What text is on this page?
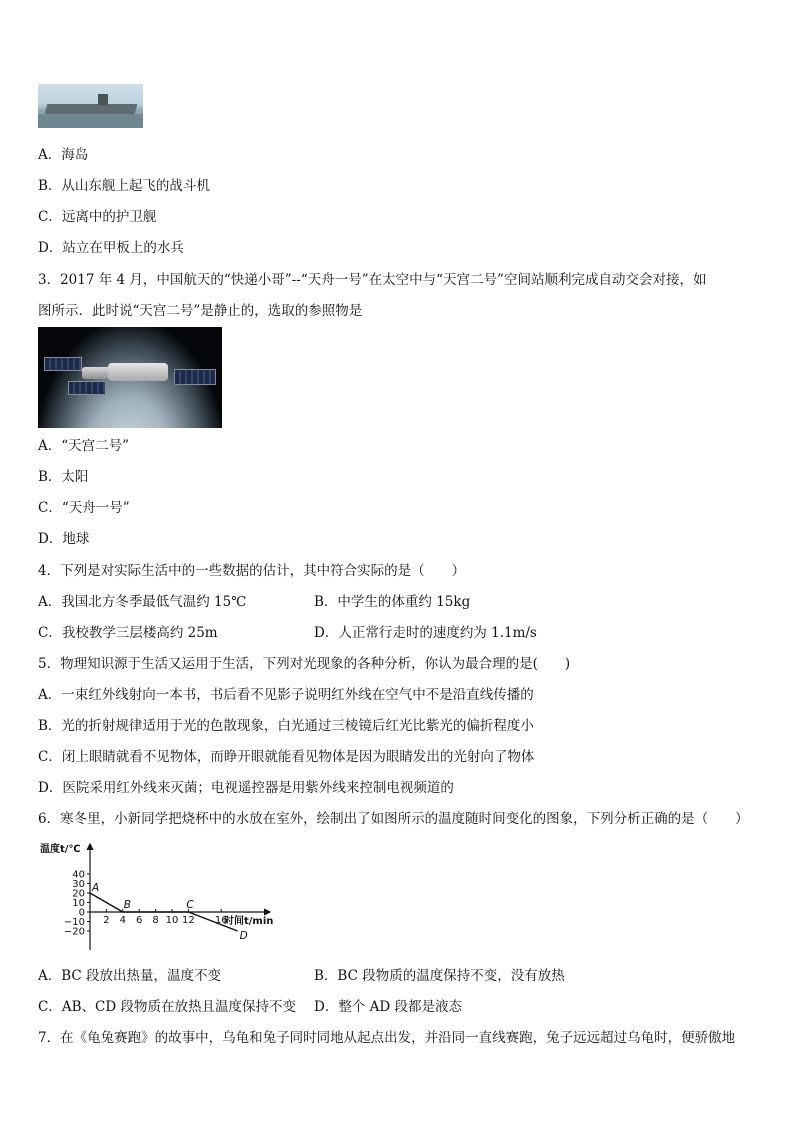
A．海岛
B．从山东舰上起飞的战斗机
C．远离中的护卫舰
D．站立在甲板上的水兵
3．2017 年 4 月，中国航天的“快递小哥”--“天舟一号”在太空中与“天宫二号”空间站顺利完成自动交会对接，如
图所示．此时说“天宫二号”是静止的，选取的参照物是
A．“天宫二号”
B．太阳
C．“天舟一号”
D．地球
4．下列是对实际生活中的一些数据的估计，其中符合实际的是（　　）
A．我国北方冬季最低气温约 15℃	B．中学生的体重约 15kg
C．我校教学三层楼高约 25m	D．人正常行走时的速度约为 1.1m/s
5．物理知识源于生活又运用于生活，下列对光现象的各种分析，你认为最合理的是(　　)
A．一束红外线射向一本书，书后看不见影子说明红外线在空气中不是沿直线传播的
B．光的折射规律适用于光的色散现象，白光通过三棱镜后红光比紫光的偏折程度小
C．闭上眼睛就看不见物体，而睁开眼就能看见物体是因为眼睛发出的光射向了物体
D．医院采用红外线来灭菌；电视遥控器是用紫外线来控制电视频道的
6．寒冬里，小新同学把烧杯中的水放在室外，绘制出了如图所示的温度随时间变化的图象，下列分析正确的是（　　）
温度t/℃
时间t/min
40
30
20
10
0
−10
−20
2 4 6 8 10 12 16
A
B	C
D
A．BC 段放出热量，温度不变	B．BC 段物质的温度保持不变，没有放热
C．AB、CD 段物质在放热且温度保持不变 D．整个 AD 段都是液态
7．在《龟兔赛跑》的故事中，乌龟和兔子同时同地从起点出发，并沿同一直线赛跑，兔子远远超过乌龟时，便骄傲地
